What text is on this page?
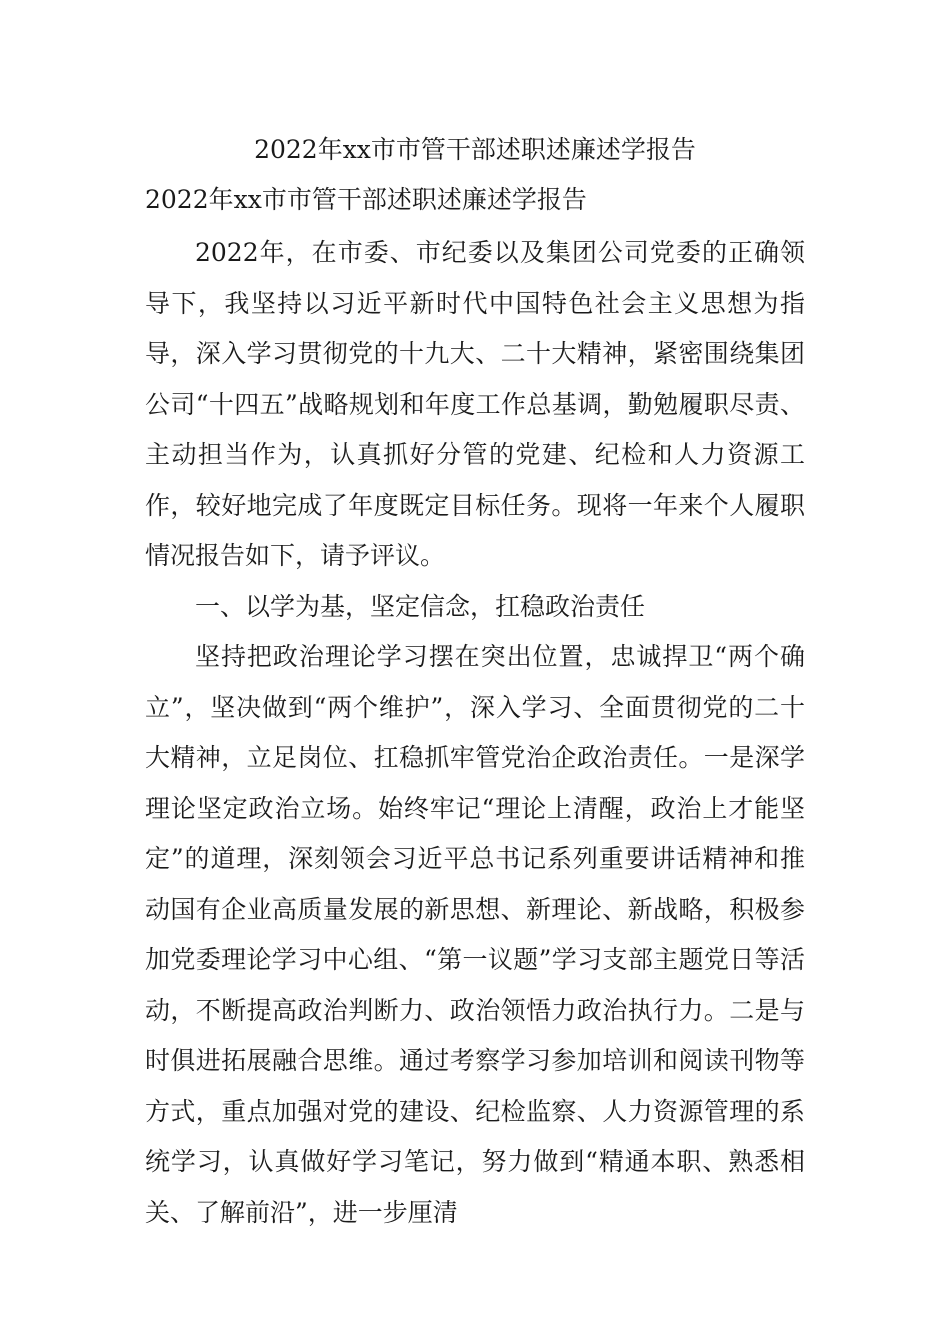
2022年xx市市管干部述职述廉述学报告
2022年xx市市管干部述职述廉述学报告

2022年，在市委、市纪委以及集团公司党委的正确领导下，我坚持以习近平新时代中国特色社会主义思想为指导，深入学习贯彻党的十九大、二十大精神，紧密围绕集团公司“十四五”战略规划和年度工作总基调，勤勉履职尽责、主动担当作为，认真抓好分管的党建、纪检和人力资源工作，较好地完成了年度既定目标任务。现将一年来个人履职情况报告如下，请予评议。

一、以学为基，坚定信念，扛稳政治责任

坚持把政治理论学习摆在突出位置，忠诚捍卫“两个确立”，坚决做到“两个维护”，深入学习、全面贯彻党的二十大精神，立足岗位、扛稳抓牢管党治企政治责任。一是深学理论坚定政治立场。始终牢记“理论上清醒，政治上才能坚定”的道理，深刻领会习近平总书记系列重要讲话精神和推动国有企业高质量发展的新思想、新理论、新战略，积极参加党委理论学习中心组、“第一议题”学习支部主题党日等活动，不断提高政治判断力、政治领悟力政治执行力。二是与时俱进拓展融合思维。通过考察学习参加培训和阅读刊物等方式，重点加强对党的建设、纪检监察、人力资源管理的系统学习，认真做好学习笔记，努力做到“精通本职、熟悉相关、了解前沿”，进一步厘清
